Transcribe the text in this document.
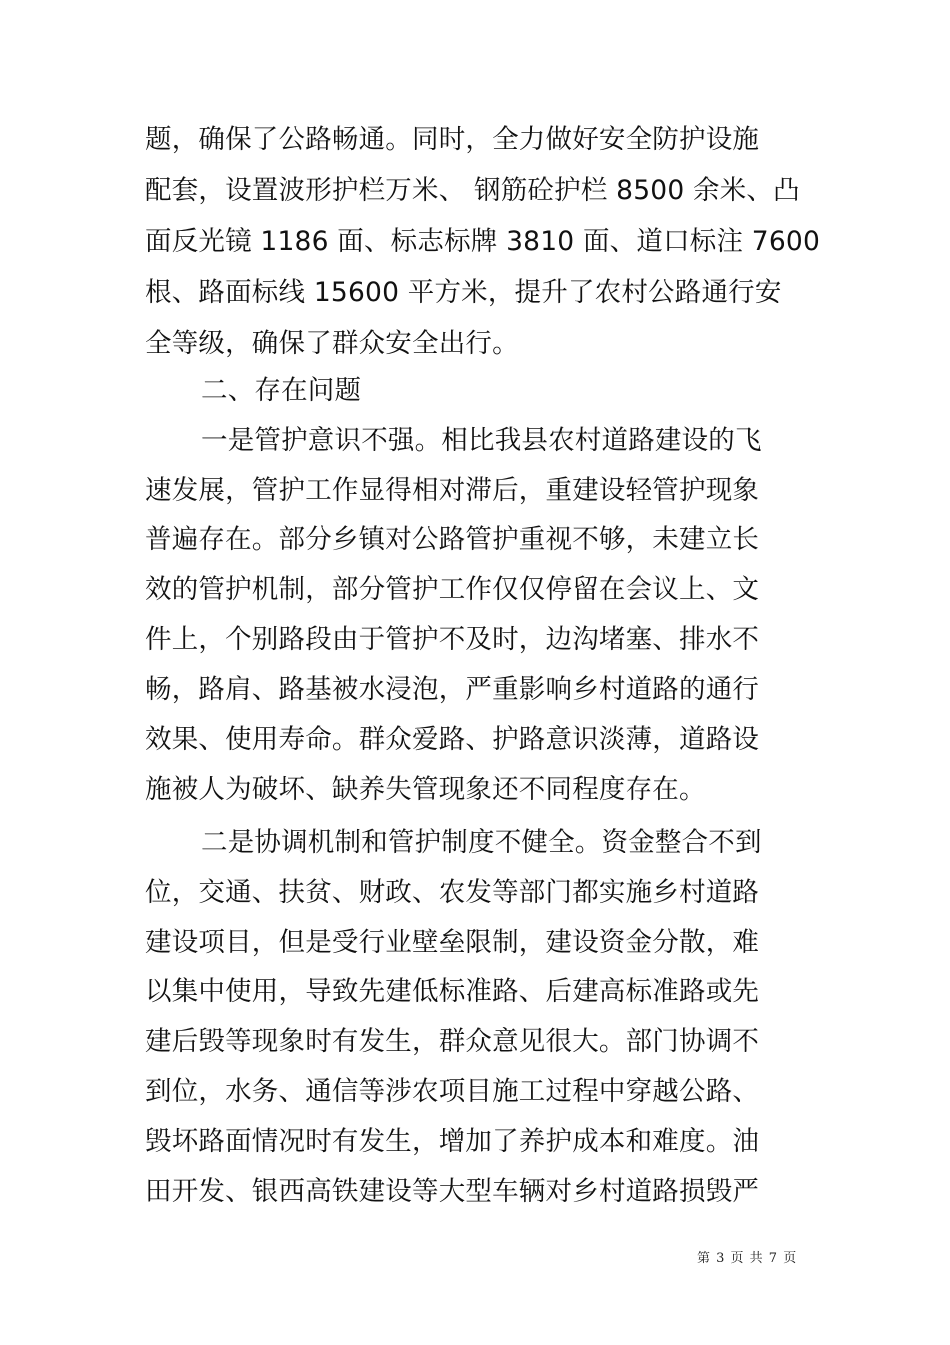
题，确保了公路畅通。同时，全力做好安全防护设施
配套，设置波形护栏万米、 钢筋砼护栏 8500 余米、凸
面反光镜 1186 面、标志标牌 3810 面、道口标注 7600
根、路面标线 15600 平方米，提升了农村公路通行安
全等级，确保了群众安全出行。
二、存在问题
一是管护意识不强。相比我县农村道路建设的飞
速发展，管护工作显得相对滞后，重建设轻管护现象
普遍存在。部分乡镇对公路管护重视不够，未建立长
效的管护机制，部分管护工作仅仅停留在会议上、文
件上，个别路段由于管护不及时，边沟堵塞、排水不
畅，路肩、路基被水浸泡，严重影响乡村道路的通行
效果、使用寿命。群众爱路、护路意识淡薄，道路设
施被人为破坏、缺养失管现象还不同程度存在。
二是协调机制和管护制度不健全。资金整合不到
位，交通、扶贫、财政、农发等部门都实施乡村道路
建设项目，但是受行业壁垒限制，建设资金分散，难
以集中使用，导致先建低标准路、后建高标准路或先
建后毁等现象时有发生，群众意见很大。部门协调不
到位，水务、通信等涉农项目施工过程中穿越公路、
毁坏路面情况时有发生，增加了养护成本和难度。油
田开发、银西高铁建设等大型车辆对乡村道路损毁严
第 3 页 共 7 页
